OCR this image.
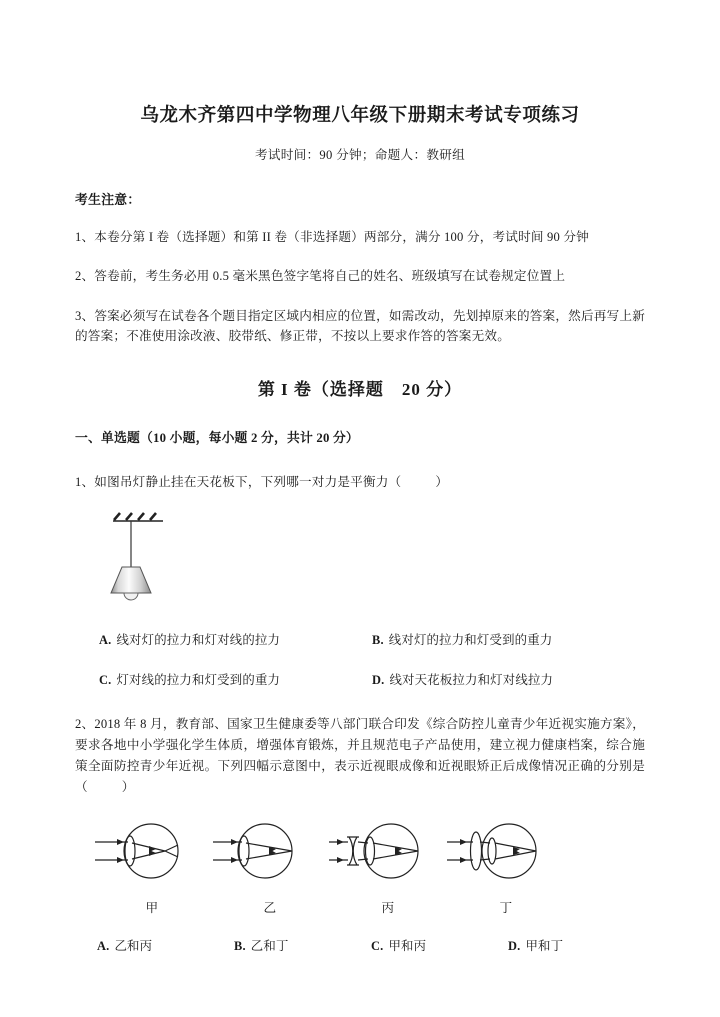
乌龙木齐第四中学物理八年级下册期末考试专项练习
考试时间：90 分钟；命题人：教研组
考生注意：
1、本卷分第 I 卷（选择题）和第 II 卷（非选择题）两部分，满分 100 分，考试时间 90 分钟
2、答卷前，考生务必用 0.5 毫米黑色签字笔将自己的姓名、班级填写在试卷规定位置上
3、答案必须写在试卷各个题目指定区域内相应的位置，如需改动，先划掉原来的答案，然后再写上新的答案；不准使用涂改液、胶带纸、修正带，不按以上要求作答的答案无效。
第 I 卷（选择题　20 分）
一、单选题（10 小题，每小题 2 分，共计 20 分）
1、如图吊灯静止挂在天花板下，下列哪一对力是平衡力（　　）
A. 线对灯的拉力和灯对线的拉力	B. 线对灯的拉力和灯受到的重力
C. 灯对线的拉力和灯受到的重力	D. 线对天花板拉力和灯对线拉力
2、2018 年 8 月，教育部、国家卫生健康委等八部门联合印发《综合防控儿童青少年近视实施方案》，要求各地中小学强化学生体质，增强体育锻炼，并且规范电子产品使用，建立视力健康档案，综合施策全面防控青少年近视。下列四幅示意图中，表示近视眼成像和近视眼矫正后成像情况正确的分别是（　　）
甲	乙	丙	丁
A. 乙和丙	B. 乙和丁	C. 甲和丙	D. 甲和丁
